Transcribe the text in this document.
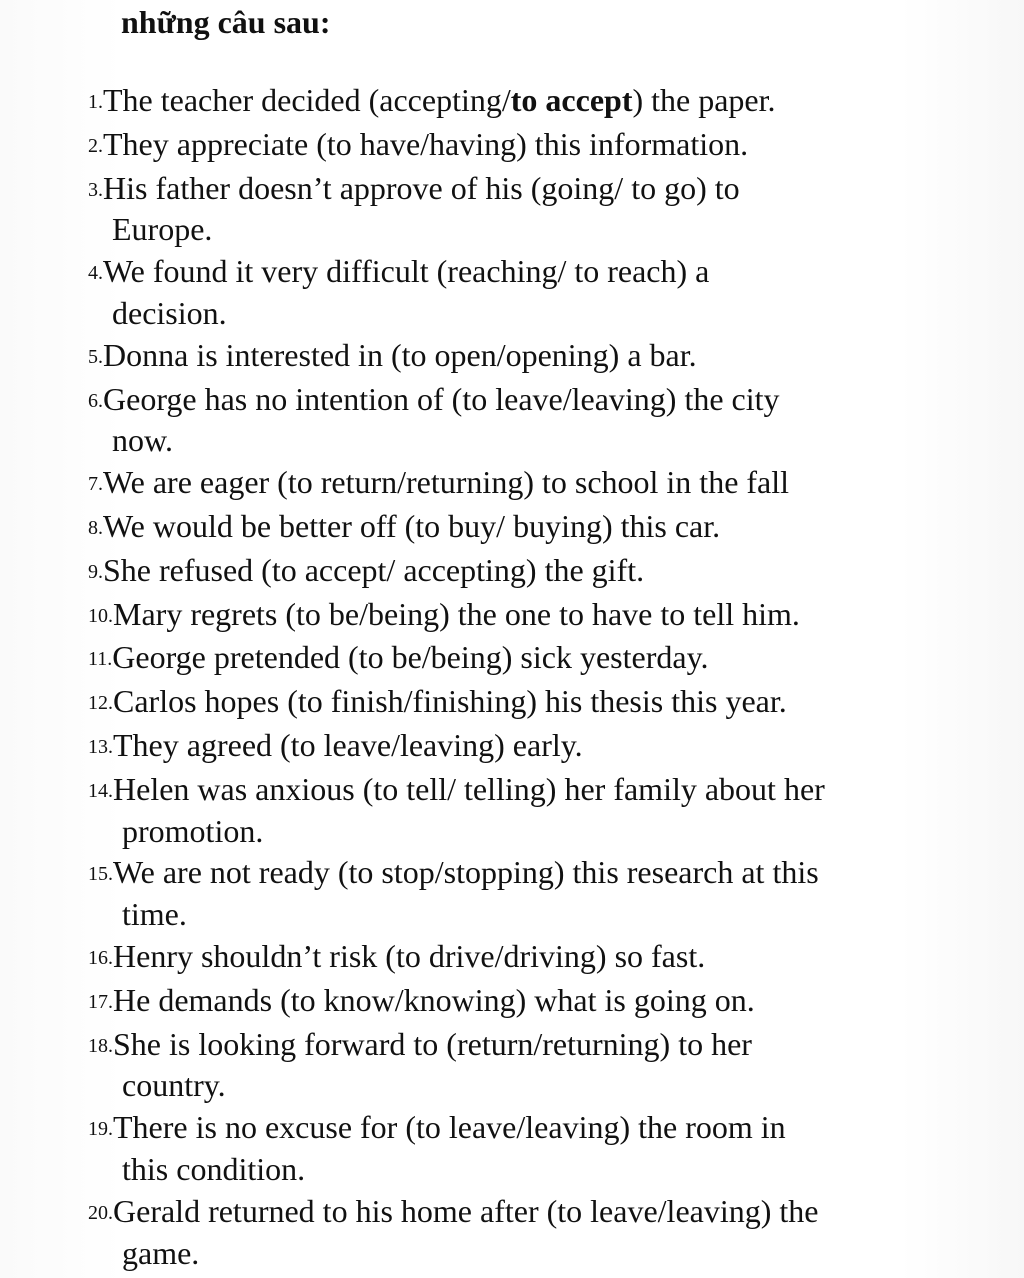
những câu sau:
1. The teacher decided (accepting/to accept) the paper.
2. They appreciate (to have/having) this information.
3. His father doesn’t approve of his (going/ to go) to
Europe.
4. We found it very difficult (reaching/ to reach) a
decision.
5. Donna is interested in (to open/opening) a bar.
6. George has no intention of (to leave/leaving) the city
now.
7. We are eager (to return/returning) to school in the fall
8. We would be better off (to buy/ buying) this car.
9. She refused (to accept/ accepting) the gift.
10. Mary regrets (to be/being) the one to have to tell him.
11. George pretended (to be/being) sick yesterday.
12. Carlos hopes (to finish/finishing) his thesis this year.
13. They agreed (to leave/leaving) early.
14. Helen was anxious (to tell/ telling) her family about her
promotion.
15. We are not ready (to stop/stopping) this research at this
time.
16. Henry shouldn’t risk (to drive/driving) so fast.
17. He demands (to know/knowing) what is going on.
18. She is looking forward to (return/returning) to her
country.
19. There is no excuse for (to leave/leaving) the room in
this condition.
20. Gerald returned to his home after (to leave/leaving) the
game.
